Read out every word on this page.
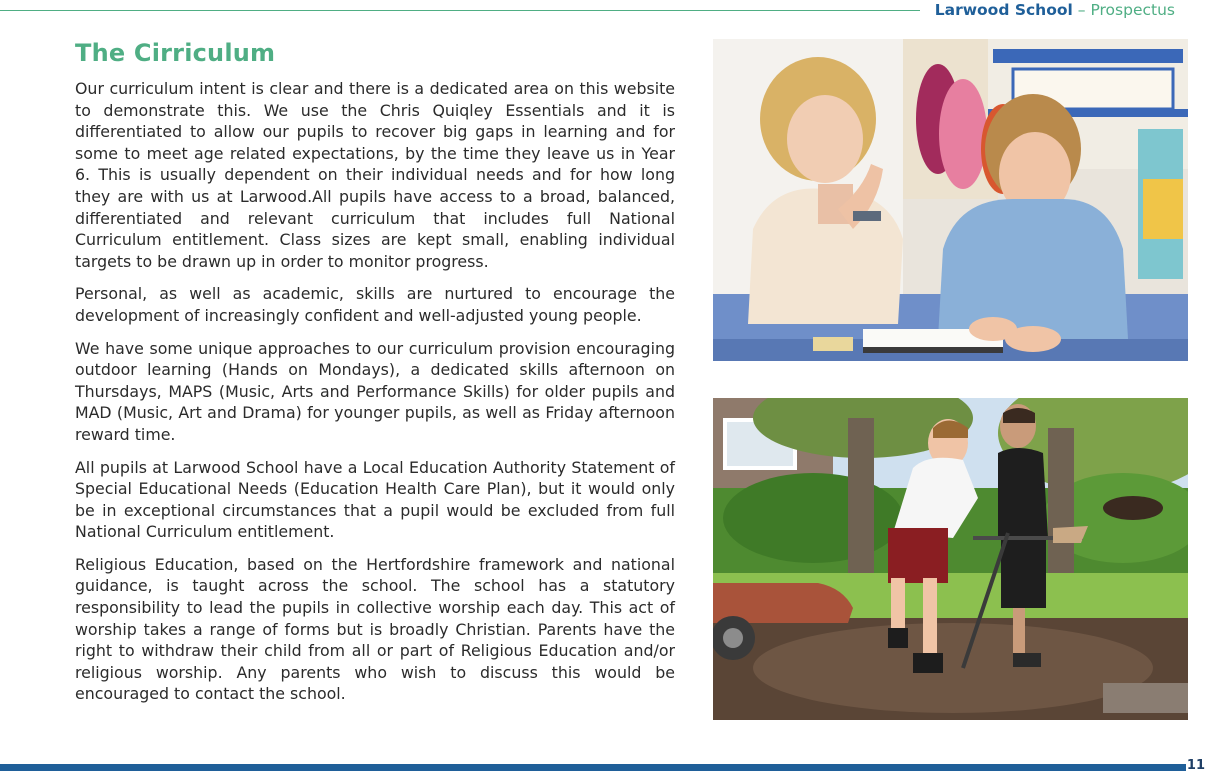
Larwood School – Prospectus
The Cirriculum

Our curriculum intent is clear and there is a dedicated area on this website to demonstrate this. We use the Chris Quiqley Essentials and it is differentiated to allow our pupils to recover big gaps in learning and for some to meet age related expectations, by the time they leave us in Year 6. This is usually dependent on their individual needs and for how long they are with us at Larwood.All pupils have access to a broad, balanced, differentiated and relevant curriculum that includes full National Curriculum entitlement. Class sizes are kept small, enabling individual targets to be drawn up in order to monitor progress.

Personal, as well as academic, skills are nurtured to encourage the development of increasingly confident and well-adjusted young people.

We have some unique approaches to our curriculum provision encouraging outdoor learning (Hands on Mondays), a dedicated skills afternoon on Thursdays, MAPS (Music, Arts and Performance Skills) for older pupils and MAD (Music, Art and Drama) for younger pupils, as well as Friday afternoon reward time.

All pupils at Larwood School have a Local Education Authority Statement of Special Educational Needs (Education Health Care Plan), but it would only be in exceptional circumstances that a pupil would be excluded from full National Curriculum entitlement.

Religious Education, based on the Hertfordshire framework and national guidance, is taught across the school. The school has a statutory responsibility to lead the pupils in collective worship each day. This act of worship takes a range of forms but is broadly Christian. Parents have the right to withdraw their child from all or part of Religious Education and/or religious worship. Any parents who wish to discuss this would be encouraged to contact the school.

11
